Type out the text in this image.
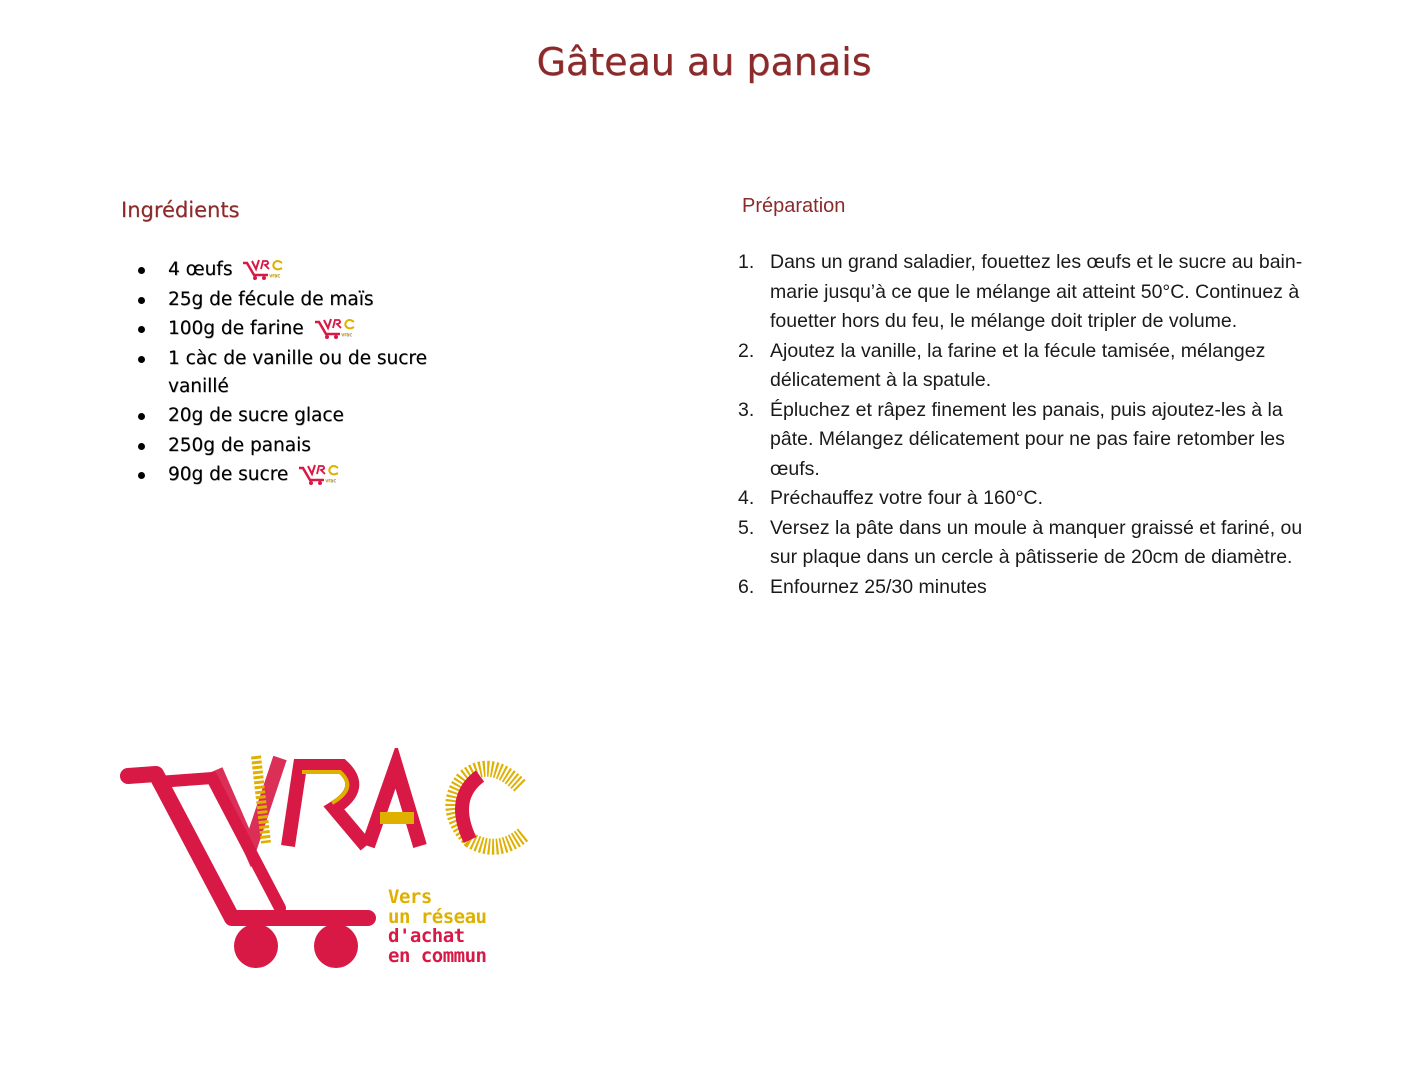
Gâteau au panais
Ingrédients
4 œufs	vrac
25g de fécule de maïs
100g de farine	vrac
1 càc de vanille ou de sucre vanillé
20g de sucre glace
250g de panais
90g de sucre	vrac
Préparation
1. Dans un grand saladier, fouettez les œufs et le sucre au bain-marie jusqu’à ce que le mélange ait atteint 50°C. Continuez à fouetter hors du feu, le mélange doit tripler de volume.
2. Ajoutez la vanille, la farine et la fécule tamisée, mélangez délicatement à la spatule.
3. Épluchez et râpez finement les panais, puis ajoutez-les à la pâte. Mélangez délicatement pour ne pas faire retomber les œufs.
4. Préchauffez votre four à 160°C.
5. Versez la pâte dans un moule à manquer graissé et fariné, ou sur plaque dans un cercle à pâtisserie de 20cm de diamètre.
6. Enfournez 25/30 minutes
Vers
un réseau
d'achat
en commun
